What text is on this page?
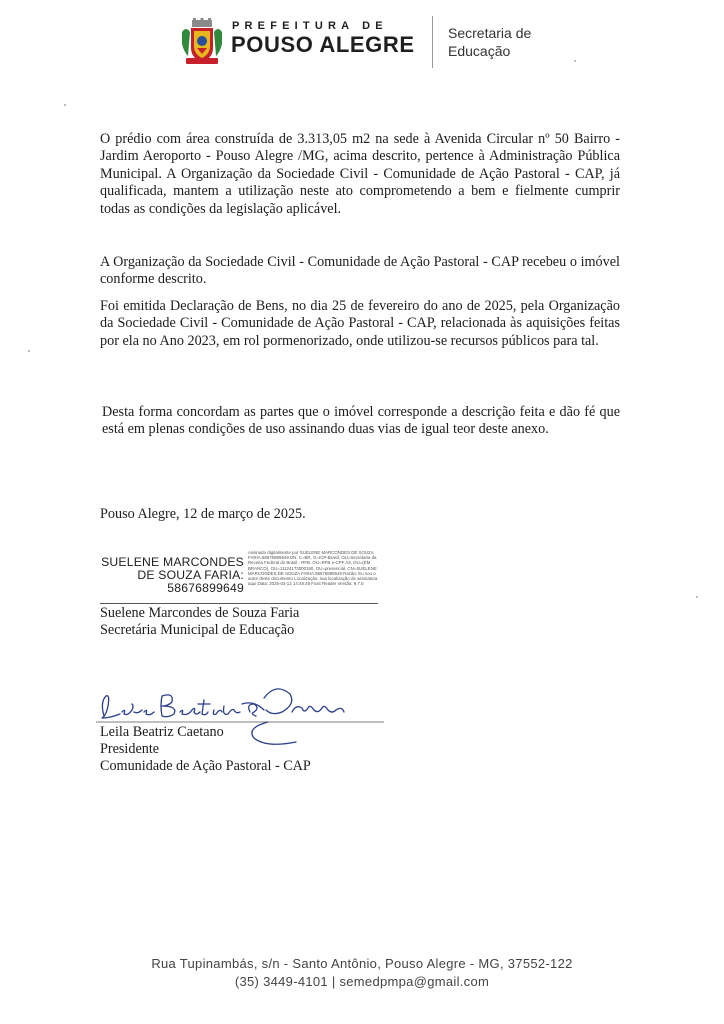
PREFEITURA DE
POUSO ALEGRE Secretaria de
Educação

O prédio com área construída de 3.313,05 m2 na sede à Avenida Circular nº 50 Bairro - Jardim Aeroporto - Pouso Alegre /MG, acima descrito, pertence à Administração Pública Municipal. A Organização da Sociedade Civil - Comunidade de Ação Pastoral - CAP, já qualificada, mantem a utilização neste ato comprometendo a bem e fielmente cumprir todas as condições da legislação aplicável.

A Organização da Sociedade Civil - Comunidade de Ação Pastoral - CAP recebeu o imóvel conforme descrito.

Foi emitida Declaração de Bens, no dia 25 de fevereiro do ano de 2025, pela Organização da Sociedade Civil - Comunidade de Ação Pastoral - CAP, relacionada às aquisições feitas por ela no Ano 2023, em rol pormenorizado, onde utilizou-se recursos públicos para tal.

Desta forma concordam as partes que o imóvel corresponde a descrição feita e dão fé que está em plenas condições de uso assinando duas vias de igual teor deste anexo.

Pouso Alegre, 12 de março de 2025.
SUELENE MARCONDES
DE SOUZA FARIA:
58676899649
Assinado digitalmente por SUELENE MARCONDES DE SOUZA FARIA:58676899649 DN: C=BR, O=ICP-Brasil, OU=Secretaria da Receita Federal do Brasil - RFB, OU=RFB e-CPF A3, OU=(EM BRANCO), OU=11124173000180, OU=presencial, CN=SUELENE MARCONDES DE SOUZA FARIA:58676899649 Razão: Eu sou o autor deste documento Localização: sua localização de assinatura aqui Data: 2025-03-12 14:48:49 Foxit Reader Versão: 9.7.0
Suelene Marcondes de Souza Faria
Secretária Municipal de Educação
Leila Beatriz Caetano
Presidente
Comunidade de Ação Pastoral - CAP
Rua Tupinambás, s/n - Santo Antônio, Pouso Alegre - MG, 37552-122
(35) 3449-4101 | semedpmpa@gmail.com
